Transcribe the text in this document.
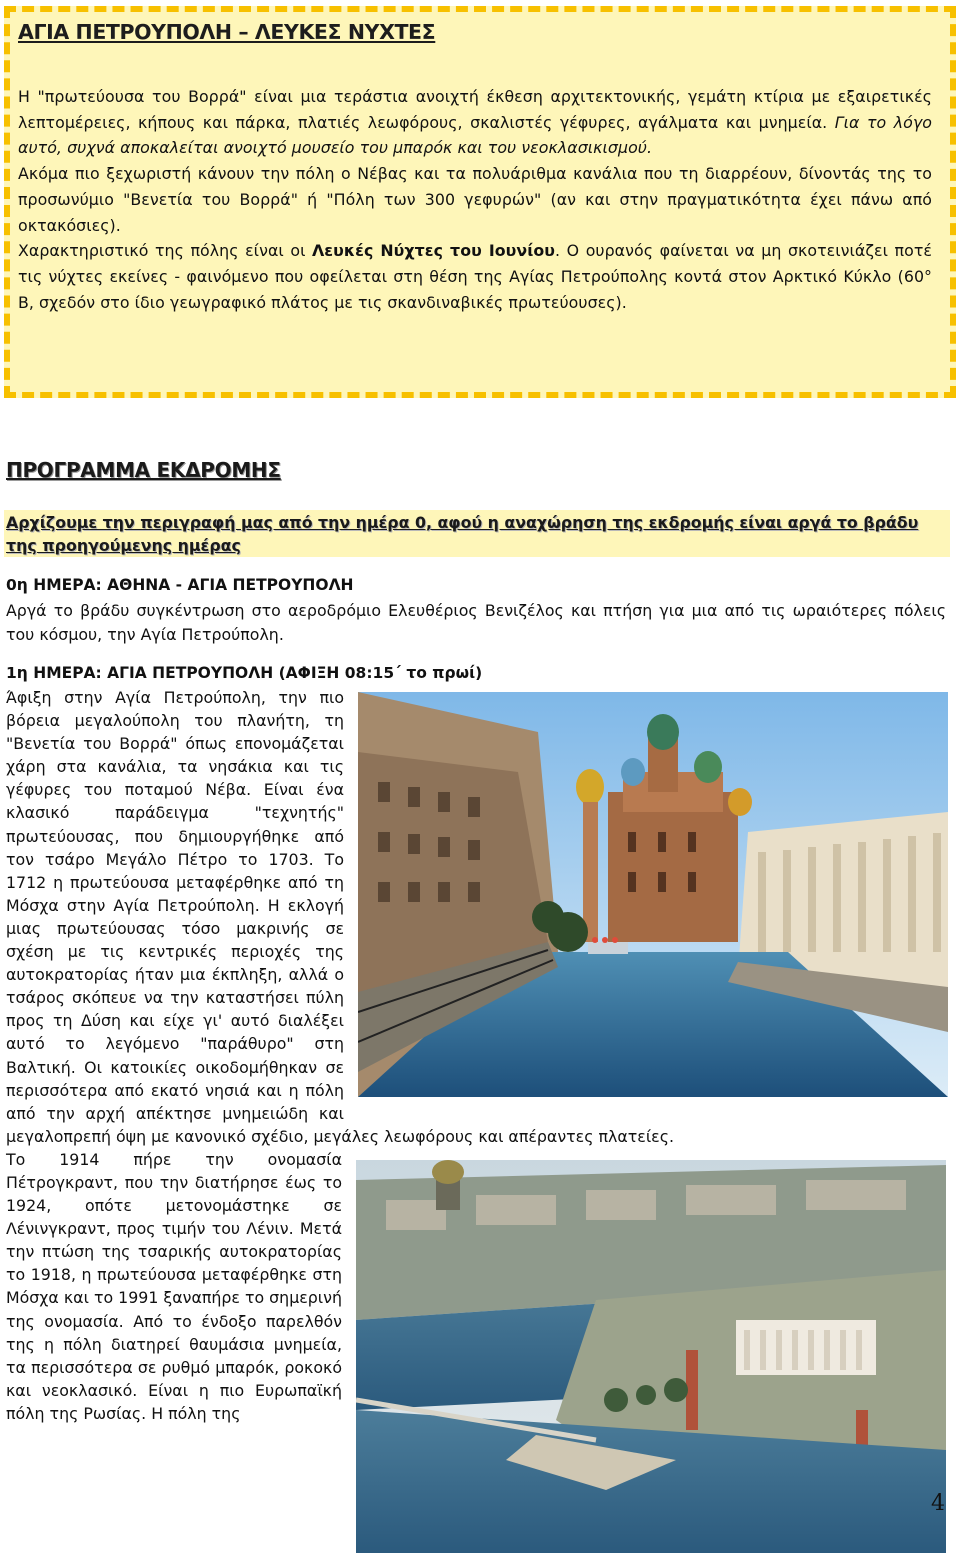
ΑΓΙΑ ΠΕΤΡΟΥΠΟΛΗ – ΛΕΥΚΕΣ ΝΥΧΤΕΣ

Η "πρωτεύουσα του Βορρά" είναι μια τεράστια ανοιχτή έκθεση αρχιτεκτονικής, γεμάτη κτίρια με εξαιρετικές λεπτομέρειες, κήπους και πάρκα, πλατιές λεωφόρους, σκαλιστές γέφυρες, αγάλματα και μνημεία. Για το λόγο αυτό, συχνά αποκαλείται ανοιχτό μουσείο του μπαρόκ και του νεοκλασικισμού.

Ακόμα πιο ξεχωριστή κάνουν την πόλη ο Νέβας και τα πολυάριθμα κανάλια που τη διαρρέουν, δίνοντάς της το προσωνύμιο "Βενετία του Βορρά" ή "Πόλη των 300 γεφυρών" (αν και στην πραγματικότητα έχει πάνω από οκτακόσιες).

Χαρακτηριστικό της πόλης είναι οι Λευκές Νύχτες του Ιουνίου. Ο ουρανός φαίνεται να μη σκοτεινιάζει ποτέ τις νύχτες εκείνες - φαινόμενο που οφείλεται στη θέση της Αγίας Πετρούπολης κοντά στον Αρκτικό Κύκλο (60° Β, σχεδόν στο ίδιο γεωγραφικό πλάτος με τις σκανδιναβικές πρωτεύουσες).

ΠΡΟΓΡΑΜΜΑ ΕΚΔΡΟΜΗΣ
Αρχίζουμε την περιγραφή μας από την ημέρα 0, αφού η αναχώρηση της εκδρομής είναι αργά το βράδυ της προηγούμενης ημέρας
0η ΗΜΕΡΑ: ΑΘΗΝΑ - ΑΓΙΑ ΠΕΤΡΟΥΠΟΛΗ
Αργά το βράδυ συγκέντρωση στο αεροδρόμιο Ελευθέριος Βενιζέλος και πτήση για μια από τις ωραιότερες πόλεις του κόσμου, την Αγία Πετρούπολη.
1η ΗΜΕΡΑ: ΑΓΙΑ ΠΕΤΡΟΥΠΟΛΗ (ΑΦΙΞΗ 08:15΄ το πρωί)

Άφιξη στην Αγία Πετρούπολη, την πιο βόρεια μεγαλούπολη του πλανήτη, τη "Βενετία του Βορρά" όπως επονομάζεται χάρη στα κανάλια, τα νησάκια και τις γέφυρες του ποταμού Νέβα. Είναι ένα κλασικό παράδειγμα "τεχνητής" πρωτεύουσας, που δημιουργήθηκε από τον τσάρο Μεγάλο Πέτρο το 1703. Το 1712 η πρωτεύουσα μεταφέρθηκε από τη Μόσχα στην Αγία Πετρούπολη. Η εκλογή μιας πρωτεύουσας τόσο μακρινής σε σχέση με τις κεντρικές περιοχές της αυτοκρατορίας ήταν μια έκπληξη, αλλά ο τσάρος σκόπευε να την καταστήσει πύλη προς τη Δύση και είχε γι' αυτό διαλέξει αυτό το λεγόμενο "παράθυρο" στη Βαλτική. Οι κατοικίες οικοδομήθηκαν σε περισσότερα από εκατό νησιά και η πόλη από την αρχή απέκτησε μνημειώδη και μεγαλοπρεπή όψη με κανονικό σχέδιο, μεγάλες λεωφόρους και απέραντες πλατείες.

Το 1914 πήρε την ονομασία Πέτρογκραντ, που την διατήρησε έως το 1924, οπότε μετονομάστηκε σε Λένινγκραντ, προς τιμήν του Λένιν. Μετά την πτώση της τσαρικής αυτοκρατορίας το 1918, η πρωτεύουσα μεταφέρθηκε στη Μόσχα και το 1991 ξαναπήρε το σημερινή της ονομασία. Από το ένδοξο παρελθόν της η πόλη διατηρεί θαυμάσια μνημεία, τα περισσότερα σε ρυθμό μπαρόκ, ροκοκό και νεοκλασικό. Είναι η πιο Ευρωπαϊκή πόλη της Ρωσίας. Η πόλη της

4
